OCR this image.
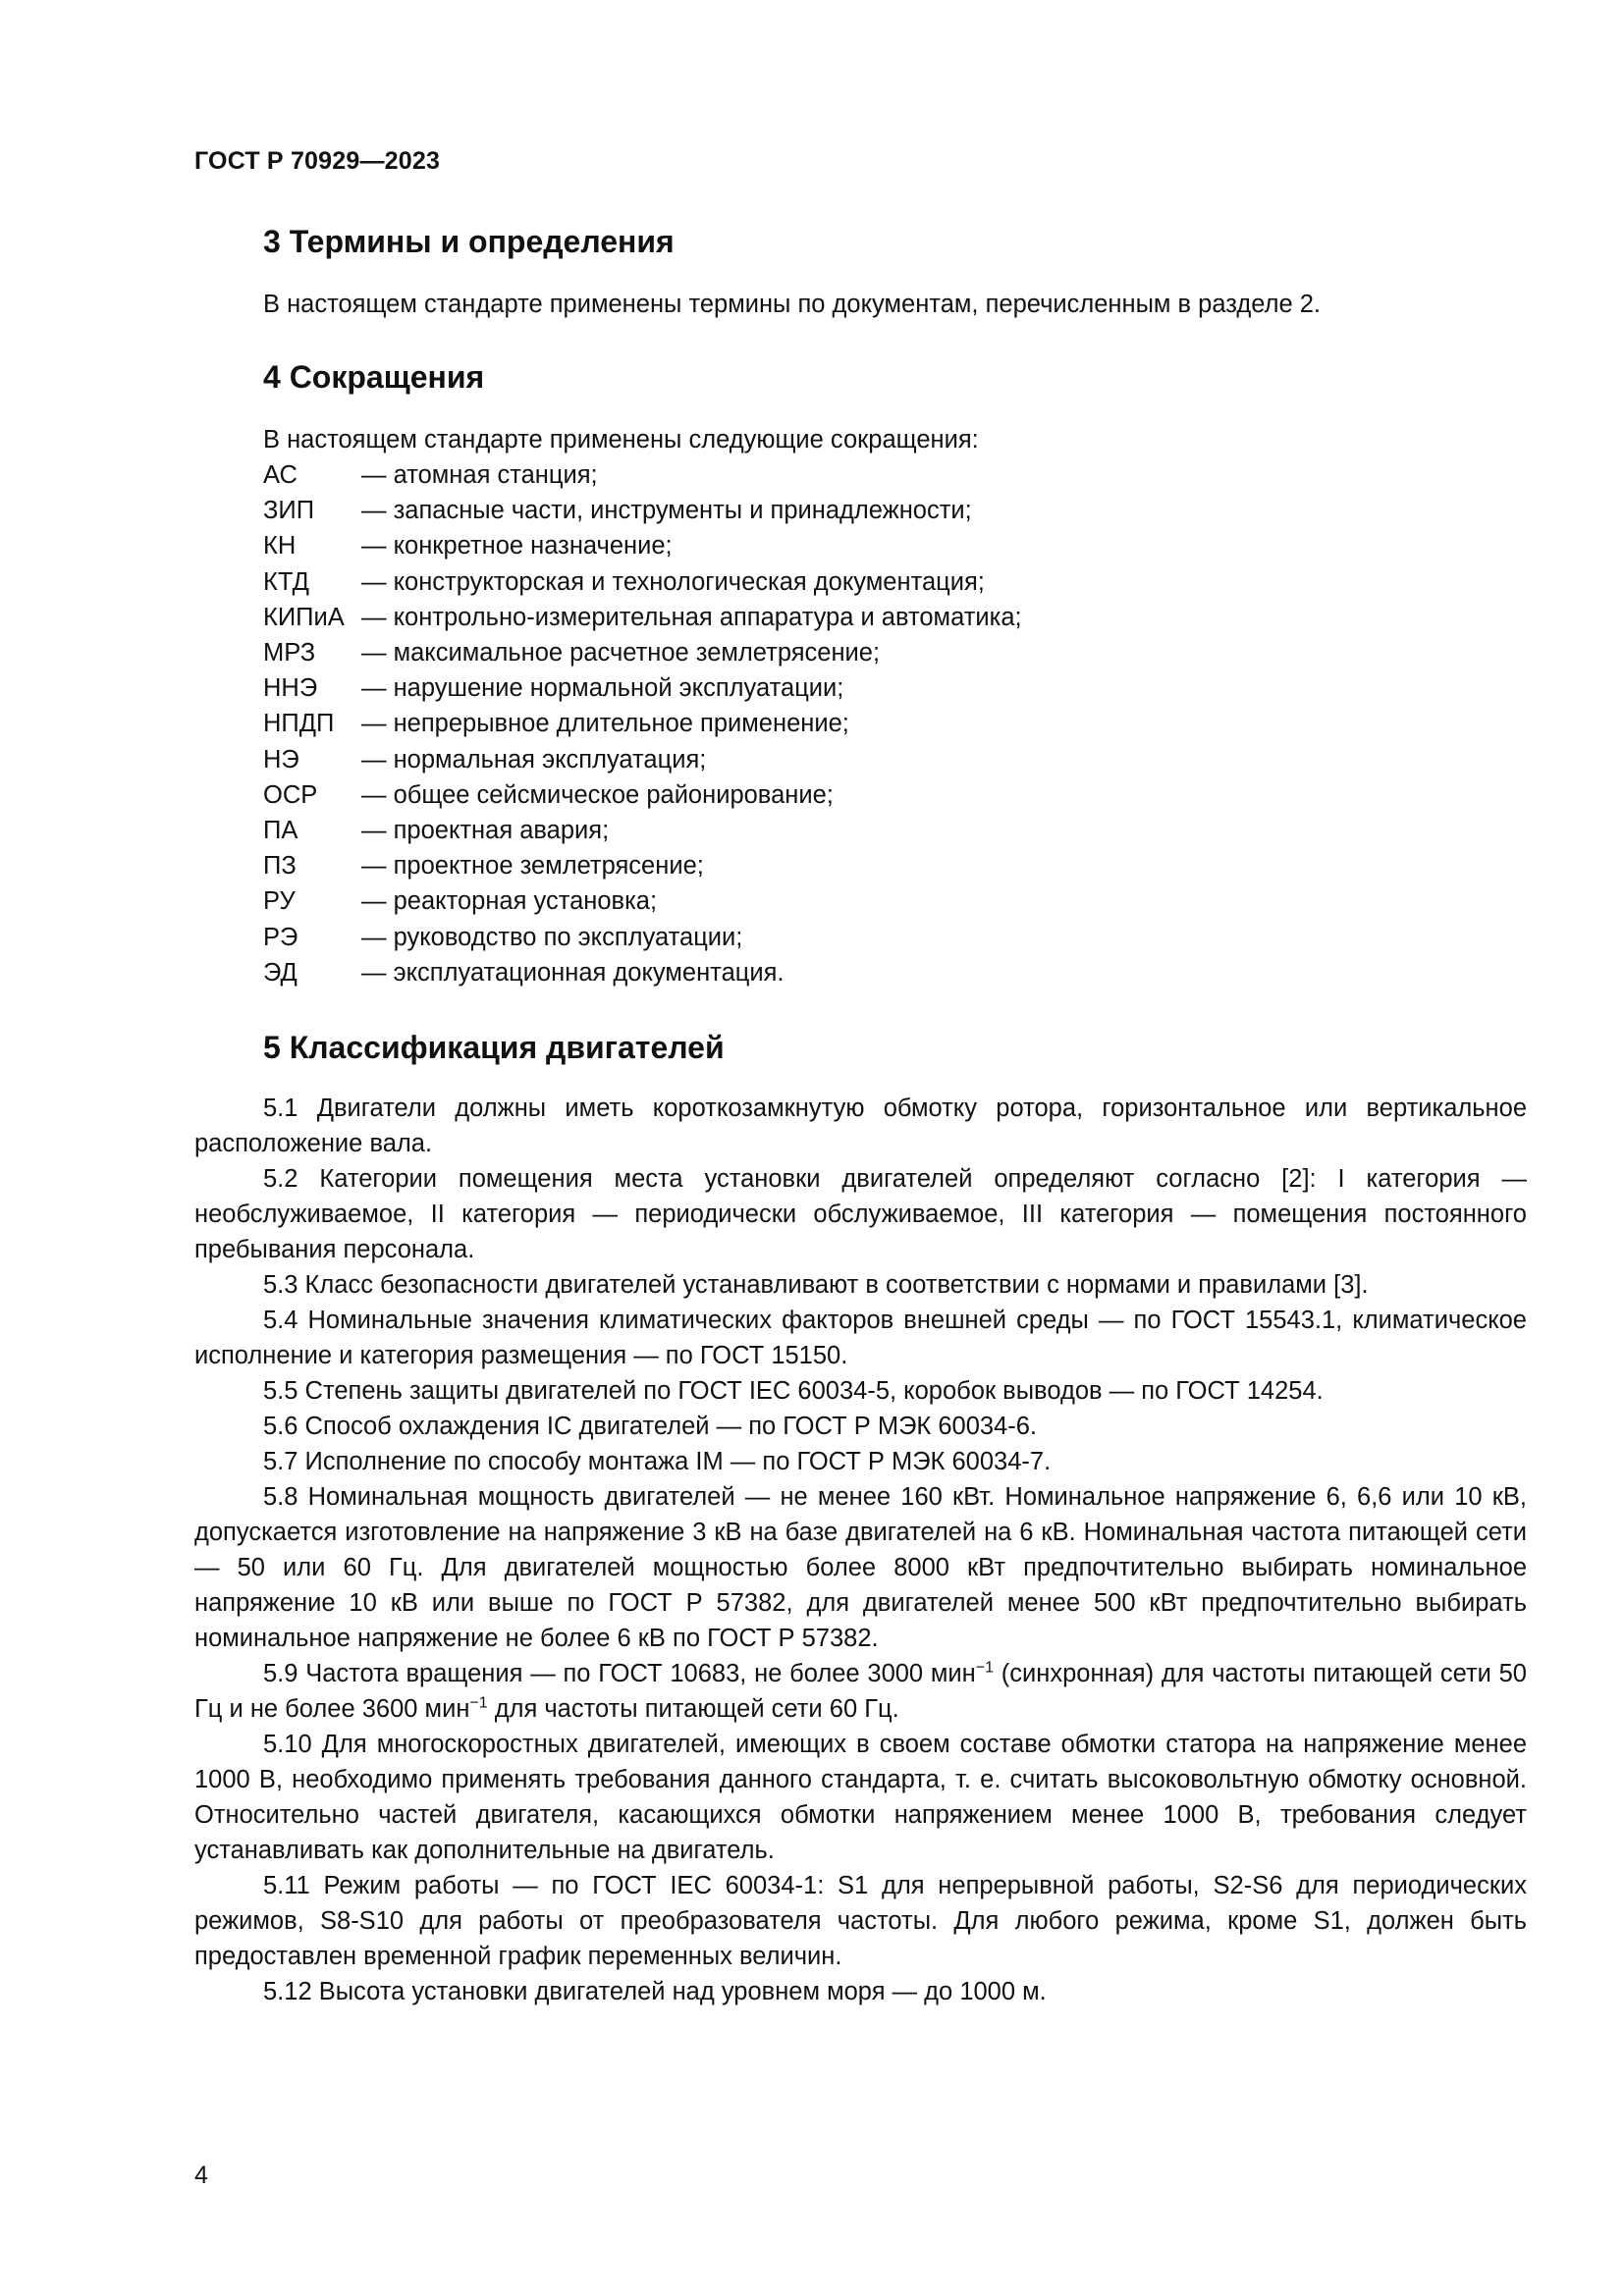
ГОСТ Р 70929—2023
3 Термины и определения

В настоящем стандарте применены термины по документам, перечисленным в разделе 2.

4 Сокращения

В настоящем стандарте применены следующие сокращения:

АС	— атомная станция;
ЗИП	— запасные части, инструменты и принадлежности;
КН	— конкретное назначение;
КТД	— конструкторская и технологическая документация;
КИПиА — контрольно-измерительная аппаратура и автоматика;
МРЗ	— максимальное расчетное землетрясение;
ННЭ	— нарушение нормальной эксплуатации;
НПДП	— непрерывное длительное применение;
НЭ	— нормальная эксплуатация;
ОСР	— общее сейсмическое районирование;
ПА	— проектная авария;
ПЗ	— проектное землетрясение;
РУ	— реакторная установка;
РЭ	— руководство по эксплуатации;
ЭД	— эксплуатационная документация.
5 Классификация двигателей

5.1 Двигатели должны иметь короткозамкнутую обмотку ротора, горизонтальное или вертикальное расположение вала.

5.2 Категории помещения места установки двигателей определяют согласно [2]: I категория — необслуживаемое, II категория — периодически обслуживаемое, III категория — помещения постоянного пребывания персонала.

5.3 Класс безопасности двигателей устанавливают в соответствии с нормами и правилами [3].

5.4 Номинальные значения климатических факторов внешней среды — по ГОСТ 15543.1, климатическое исполнение и категория размещения — по ГОСТ 15150.

5.5 Степень защиты двигателей по ГОСТ IEC 60034-5, коробок выводов — по ГОСТ 14254.

5.6 Способ охлаждения IC двигателей — по ГОСТ Р МЭК 60034-6.

5.7 Исполнение по способу монтажа IM — по ГОСТ Р МЭК 60034-7.

5.8 Номинальная мощность двигателей — не менее 160 кВт. Номинальное напряжение 6, 6,6 или 10 кВ, допускается изготовление на напряжение 3 кВ на базе двигателей на 6 кВ. Номинальная частота питающей сети — 50 или 60 Гц. Для двигателей мощностью более 8000 кВт предпочтительно выбирать номинальное напряжение 10 кВ или выше по ГОСТ Р 57382, для двигателей менее 500 кВт предпочтительно выбирать номинальное напряжение не более 6 кВ по ГОСТ Р 57382.

5.9 Частота вращения — по ГОСТ 10683, не более 3000 мин$^{-1}$ (синхронная) для частоты питающей сети 50 Гц и не более 3600 мин$^{-1}$ для частоты питающей сети 60 Гц.

5.10 Для многоскоростных двигателей, имеющих в своем составе обмотки статора на напряжение менее 1000 В, необходимо применять требования данного стандарта, т. е. считать высоковольтную обмотку основной. Относительно частей двигателя, касающихся обмотки напряжением менее 1000 В, требования следует устанавливать как дополнительные на двигатель.

5.11 Режим работы — по ГОСТ IEC 60034-1: S1 для непрерывной работы, S2-S6 для периодических режимов, S8-S10 для работы от преобразователя частоты. Для любого режима, кроме S1, должен быть предоставлен временной график переменных величин.

5.12 Высота установки двигателей над уровнем моря — до 1000 м.

4
